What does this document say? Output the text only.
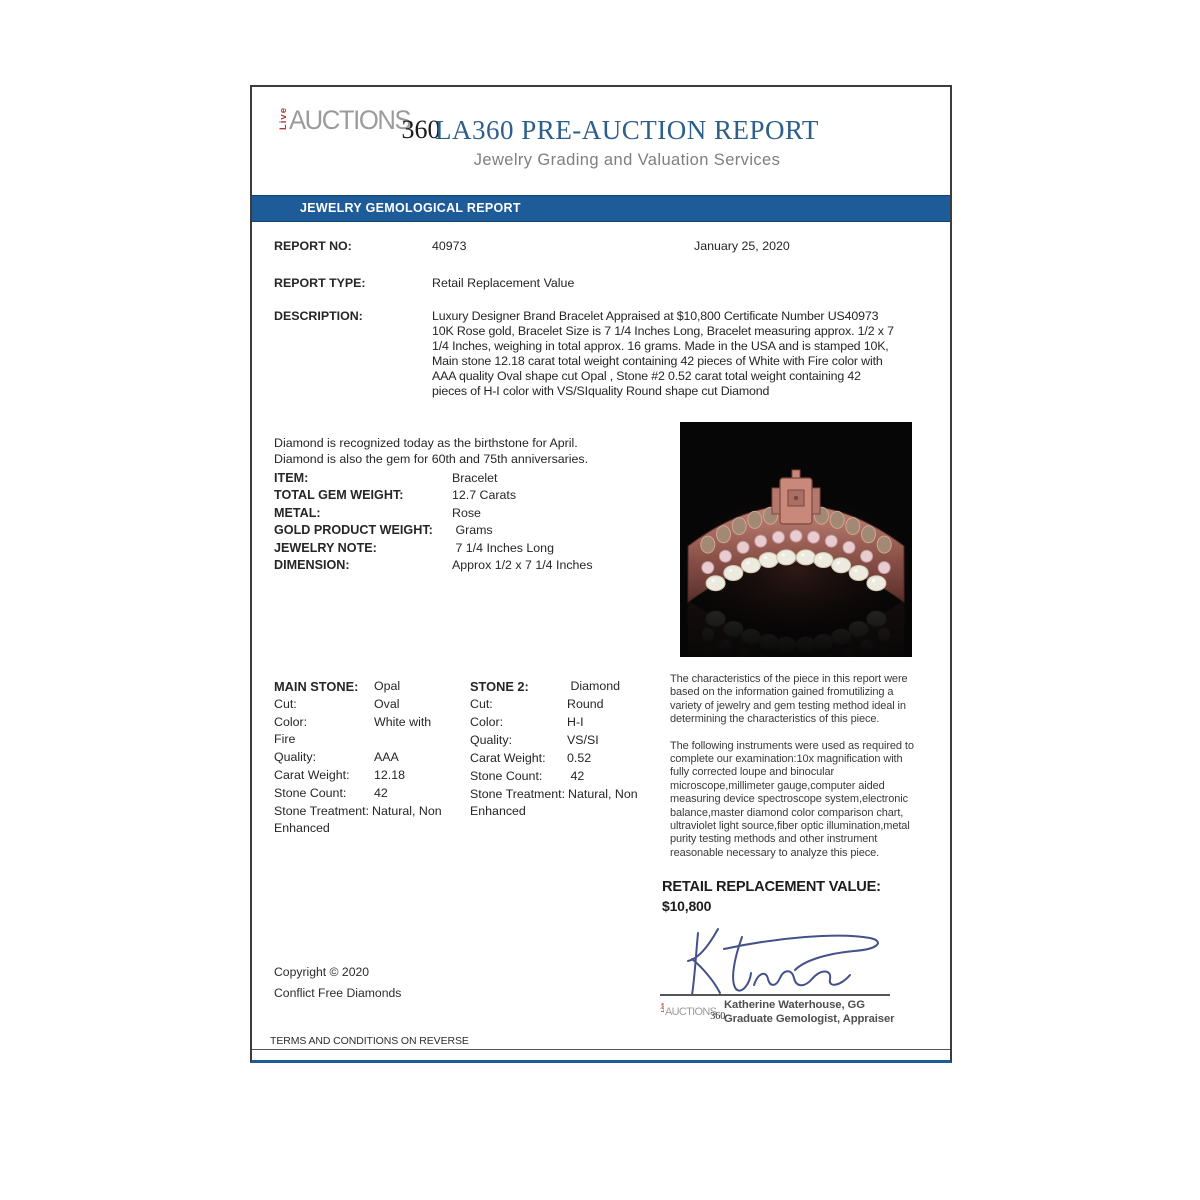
LiveAUCTIONS360
LA360 PRE-AUCTION REPORT
Jewelry Grading and Valuation Services
JEWELRY GEMOLOGICAL REPORT
REPORT NO:	40973	January 25, 2020
REPORT TYPE:	Retail Replacement Value
DESCRIPTION:	Luxury Designer Brand Bracelet Appraised at $10,800 Certificate Number US40973 10K Rose gold, Bracelet Size is 7 1/4 Inches Long, Bracelet measuring approx. 1/2 x 7 1/4 Inches, weighing in total approx. 16 grams. Made in the USA and is stamped 10K, Main stone 12.18 carat total weight containing 42 pieces of White with Fire color with AAA quality Oval shape cut Opal , Stone #2 0.52 carat total weight containing 42 pieces of H-I color with VS/SIquality Round shape cut Diamond
Diamond is recognized today as the birthstone for April.
Diamond is also the gem for 60th and 75th anniversaries.
ITEM:	Bracelet
TOTAL GEM WEIGHT:	12.7 Carats
METAL:	Rose
GOLD PRODUCT WEIGHT: Grams
JEWELRY NOTE:	7 1/4 Inches Long
DIMENSION:	Approx 1/2 x 7 1/4 Inches
MAIN STONE: Opal
Cut:	Oval
Color:	White with Fire
Quality:	AAA
Carat Weight: 12.18
Stone Count: 42
Stone Treatment: Natural, Non Enhanced
STONE 2:	Diamond
Cut:	Round
Color:	H-I
Quality:	VS/SI
Carat Weight: 0.52
Stone Count: 42
Stone Treatment: Natural, Non Enhanced

The characteristics of the piece in this report were based on the information gained fromutilizing a variety of jewelry and gem testing method ideal in determining the characteristics of this piece.

The following instruments were used as required to complete our examination:10x magnification with fully corrected loupe and binocular microscope,millimeter gauge,computer aided measuring device spectroscope system,electronic balance,master diamond color comparison chart, ultraviolet light source,fiber optic illumination,metal purity testing methods and other instrument reasonable necessary to analyze this piece.

RETAIL REPLACEMENT VALUE:
$10,800
LiveAUCTIONS360
Katherine Waterhouse, GG
Graduate Gemologist, Appraiser
Copyright © 2020
Conflict Free Diamonds
TERMS AND CONDITIONS ON REVERSE
